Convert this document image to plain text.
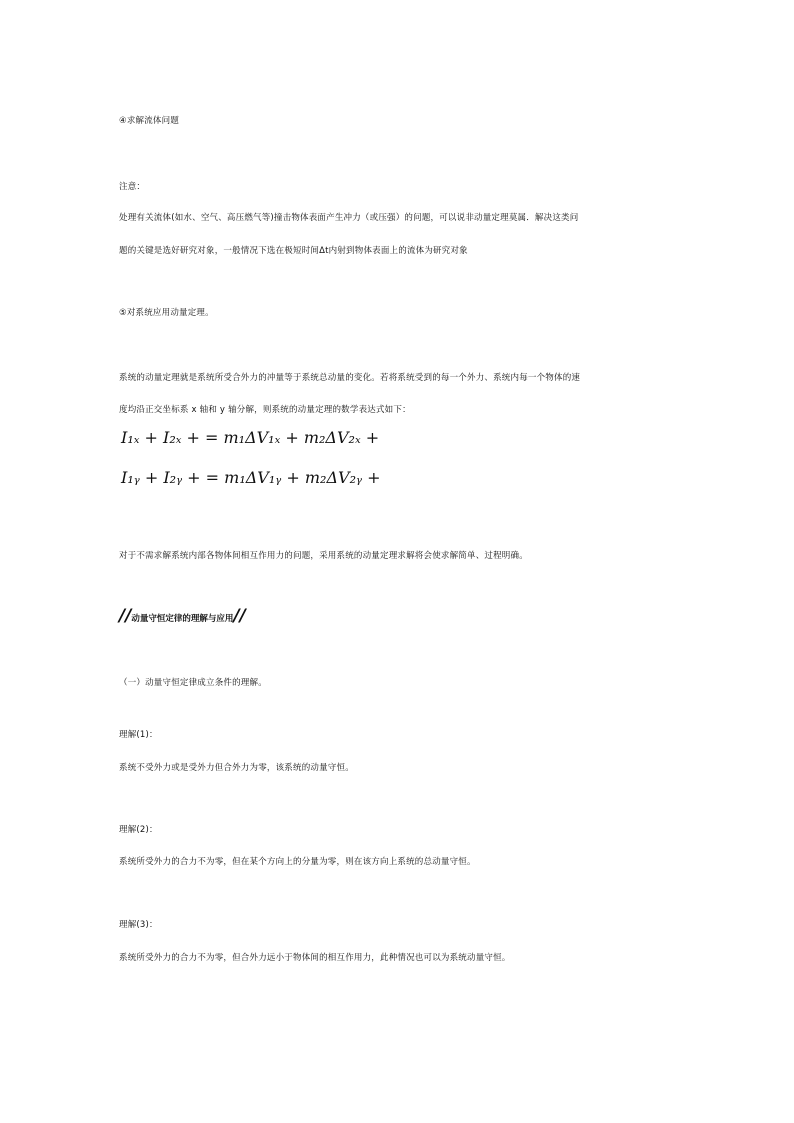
④求解流体问题
注意：
处理有关流体(如水、空气、高压燃气等)撞击物体表面产生冲力（或压强）的问题，可以说非动量定理莫属．解决这类问
题的关键是选好研究对象，一般情况下选在极短时间Δt内射到物体表面上的流体为研究对象
⑤对系统应用动量定理。
系统的动量定理就是系统所受合外力的冲量等于系统总动量的变化。若将系统受到的每一个外力、系统内每一个物体的速
度均沿正交坐标系 x 轴和 y 轴分解，则系统的动量定理的数学表达式如下：
I₁ₓ + I₂ₓ + = m₁ΔV₁ₓ + m₂ΔV₂ₓ +
I₁ᵧ + I₂ᵧ + = m₁ΔV₁ᵧ + m₂ΔV₂ᵧ +
对于不需求解系统内部各物体间相互作用力的问题，采用系统的动量定理求解将会使求解简单、过程明确。
//动量守恒定律的理解与应用//
（一）动量守恒定律成立条件的理解。
理解(1)：
系统不受外力或是受外力但合外力为零，该系统的动量守恒。
理解(2)：
系统所受外力的合力不为零，但在某个方向上的分量为零，则在该方向上系统的总动量守恒。
理解(3)：
系统所受外力的合力不为零，但合外力远小于物体间的相互作用力，此种情况也可以为系统动量守恒。
